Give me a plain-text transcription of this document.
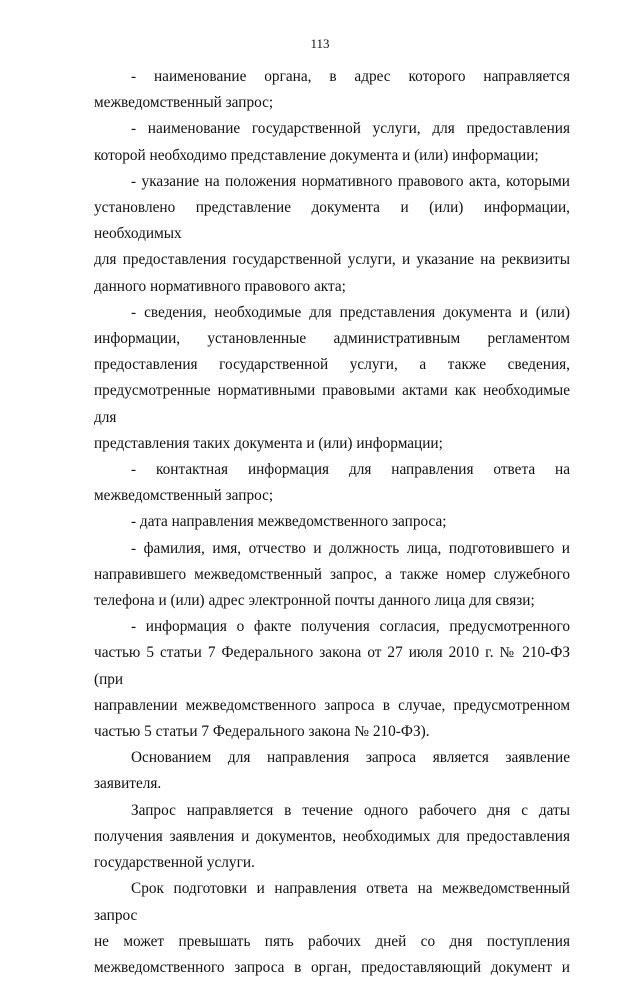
113
- наименование органа, в адрес которого направляется
межведомственный запрос;
- наименование государственной услуги, для предоставления
которой необходимо представление документа и (или) информации;
- указание на положения нормативного правового акта, которыми
установлено представление документа и (или) информации, необходимых
для предоставления государственной услуги, и указание на реквизиты
данного нормативного правового акта;
- сведения, необходимые для представления документа и (или)
информации, установленные административным регламентом
предоставления государственной услуги, а также сведения,
предусмотренные нормативными правовыми актами как необходимые для
представления таких документа и (или) информации;
- контактная информация для направления ответа на
межведомственный запрос;
- дата направления межведомственного запроса;
- фамилия, имя, отчество и должность лица, подготовившего и
направившего межведомственный запрос, а также номер служебного
телефона и (или) адрес электронной почты данного лица для связи;
- информация о факте получения согласия, предусмотренного
частью 5 статьи 7 Федерального закона от 27 июля 2010 г. № 210-ФЗ (при
направлении межведомственного запроса в случае, предусмотренном
частью 5 статьи 7 Федерального закона № 210-ФЗ).
Основанием для направления запроса является заявление заявителя.
Запрос направляется в течение одного рабочего дня с даты
получения заявления и документов, необходимых для предоставления
государственной услуги.
Срок подготовки и направления ответа на межведомственный запрос
не может превышать пять рабочих дней со дня поступления
межведомственного запроса в орган, предоставляющий документ и
